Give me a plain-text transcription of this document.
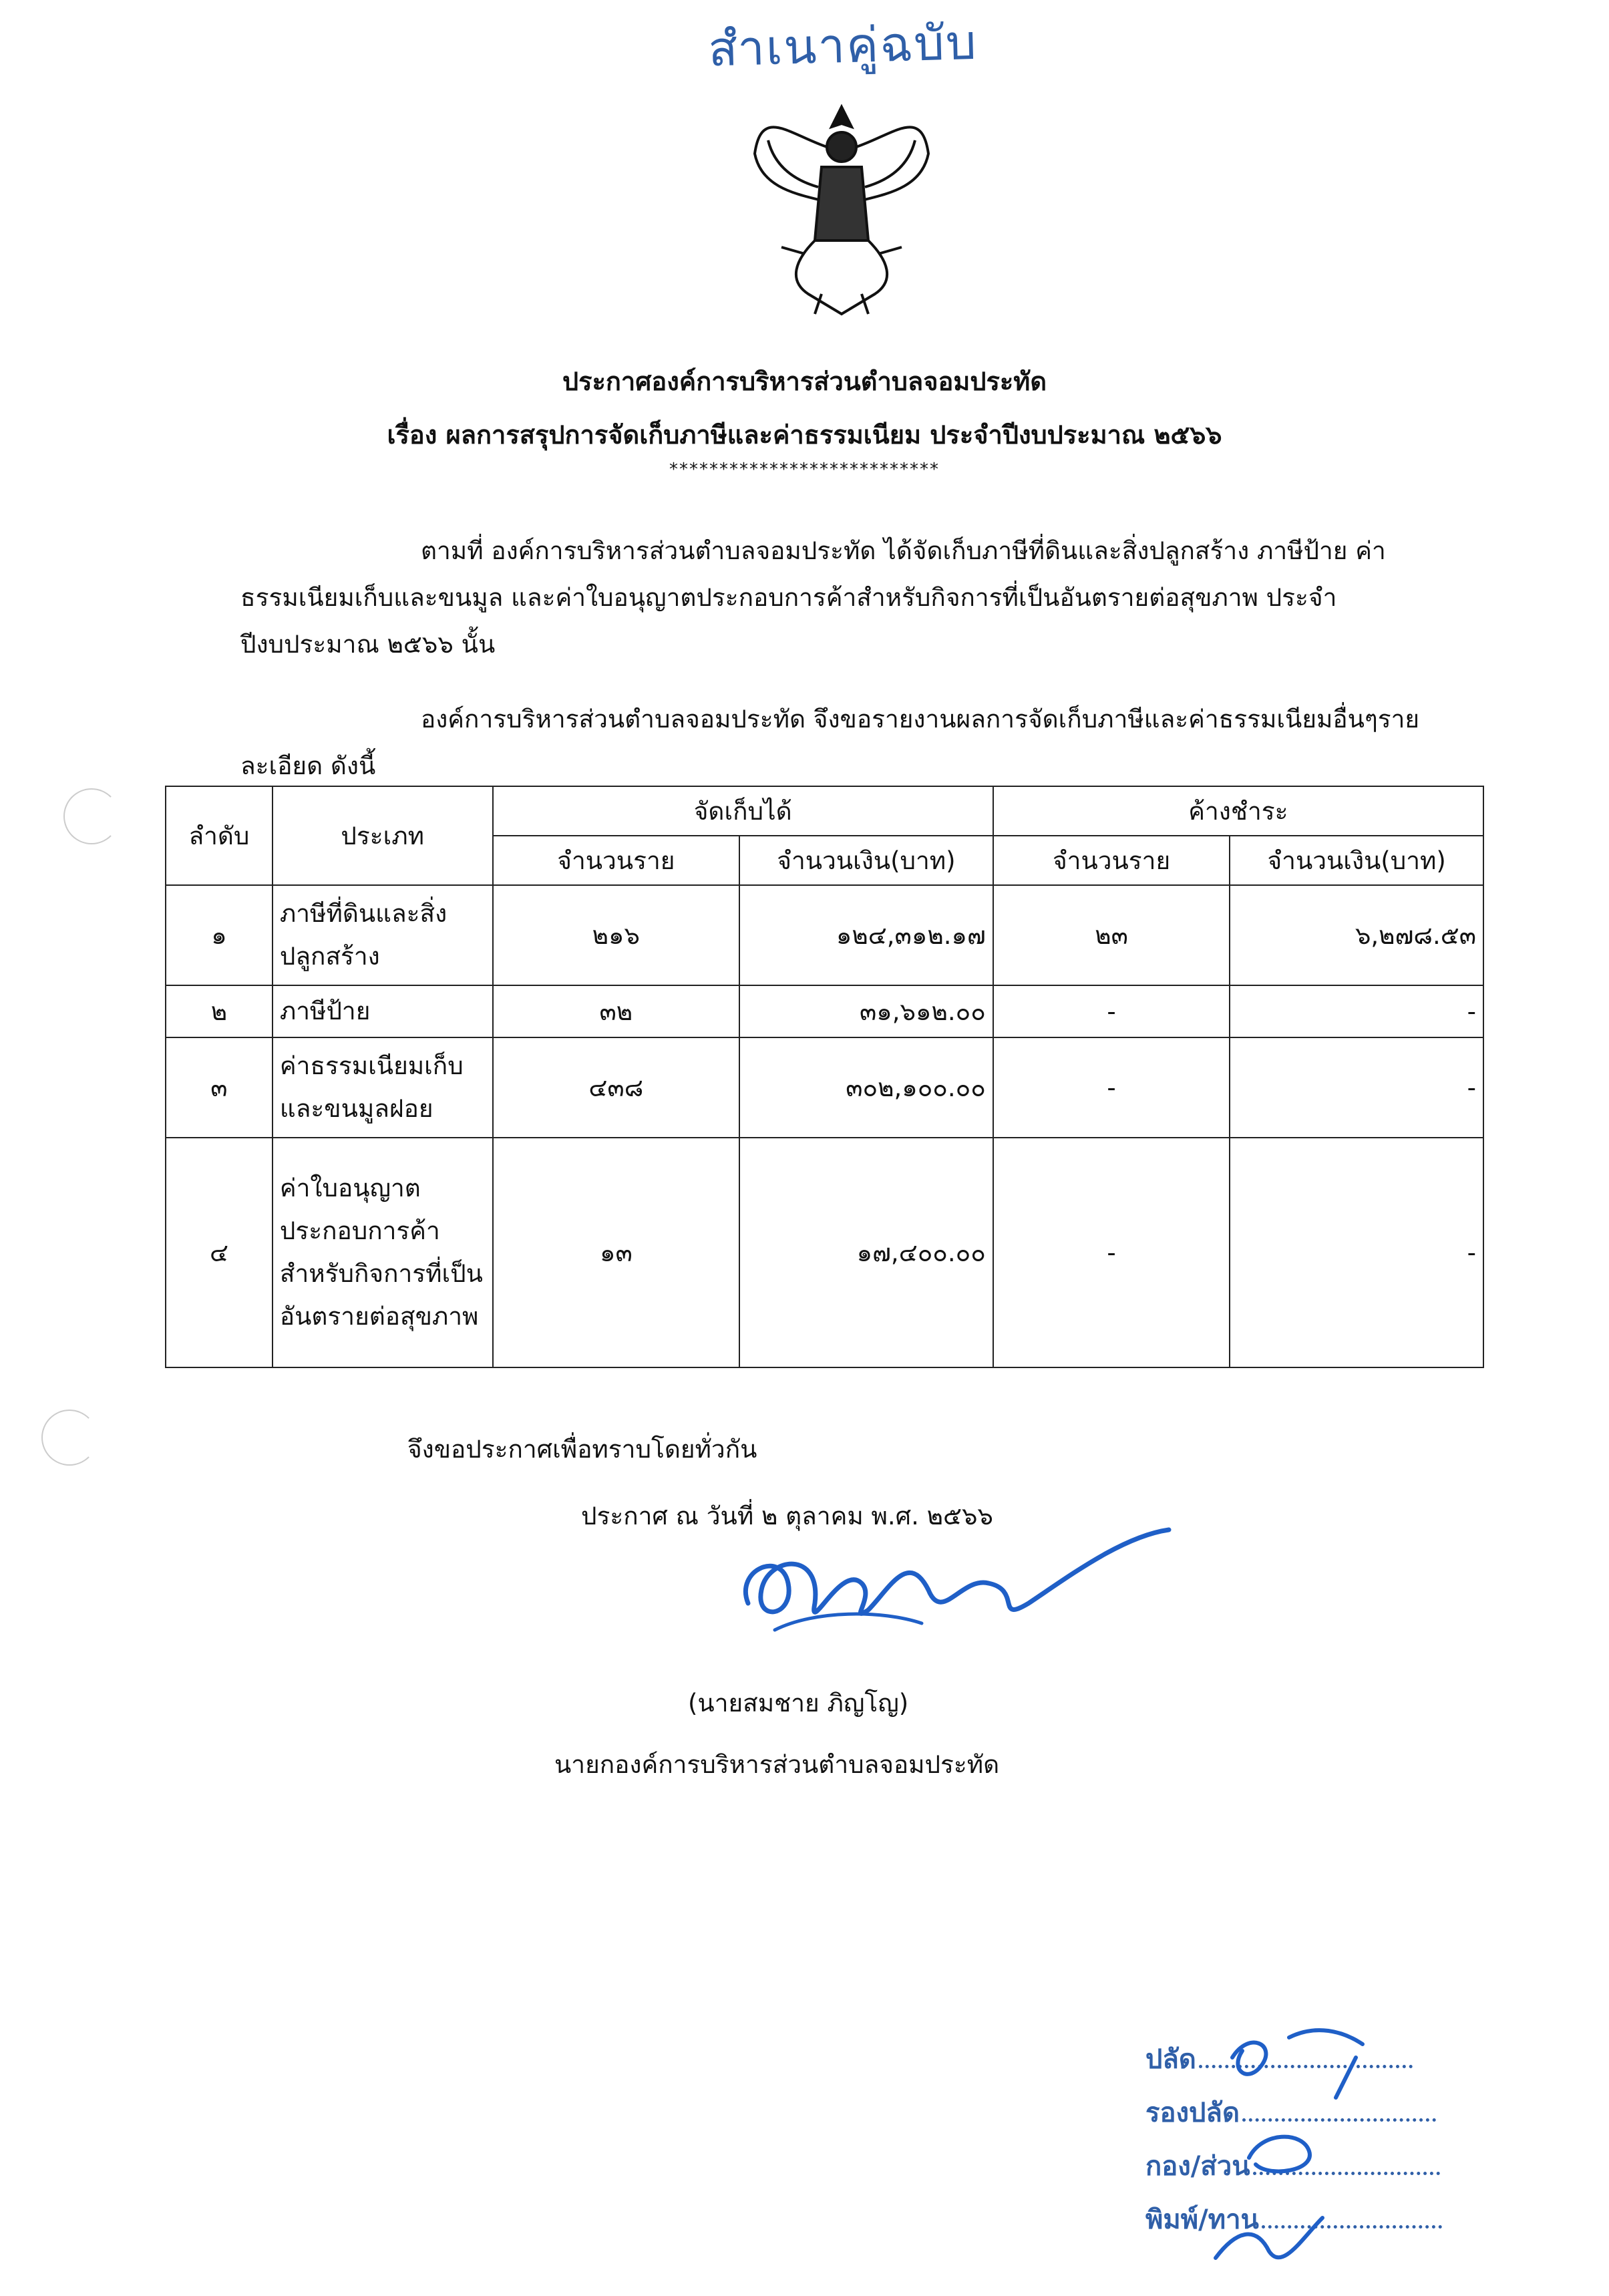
สำเนาคู่ฉบับ
ประกาศองค์การบริหารส่วนตำบลจอมประทัด
เรื่อง ผลการสรุปการจัดเก็บภาษีและค่าธรรมเนียม ประจำปีงบประมาณ ๒๕๖๖
***************************
ตามที่ องค์การบริหารส่วนตำบลจอมประทัด ได้จัดเก็บภาษีที่ดินและสิ่งปลูกสร้าง ภาษีป้าย ค่าธรรมเนียมเก็บและขนมูล และค่าใบอนุญาตประกอบการค้าสำหรับกิจการที่เป็นอันตรายต่อสุขภาพ ประจำปีงบประมาณ ๒๕๖๖ นั้น
องค์การบริหารส่วนตำบลจอมประทัด จึงขอรายงานผลการจัดเก็บภาษีและค่าธรรมเนียมอื่นๆรายละเอียด ดังนี้
ลำดับ	ประเภท	จัดเก็บได้		ค้างชำระ	
		จำนวนราย	จำนวนเงิน(บาท)	จำนวนราย	จำนวนเงิน(บาท)
๑	ภาษีที่ดินและสิ่งปลูกสร้าง	๒๑๖	๑๒๔,๓๑๒.๑๗	๒๓	๖,๒๗๘.๕๓
๒	ภาษีป้าย	๓๒	๓๑,๖๑๒.๐๐	-	-
๓	ค่าธรรมเนียมเก็บและขนมูลฝอย	๔๓๘	๓๐๒,๑๐๐.๐๐	-	-
๔	ค่าใบอนุญาตประกอบการค้าสำหรับกิจการที่เป็นอันตรายต่อสุขภาพ	๑๓	๑๗,๔๐๐.๐๐	-	-
จึงขอประกาศเพื่อทราบโดยทั่วกัน
ประกาศ ณ วันที่ ๒ ตุลาคม พ.ศ. ๒๕๖๖
(นายสมชาย ภิญโญ)
นายกองค์การบริหารส่วนตำบลจอมประทัด
ปลัด
รองปลัด
กอง/ส่วน
พิมพ์/ทาน
